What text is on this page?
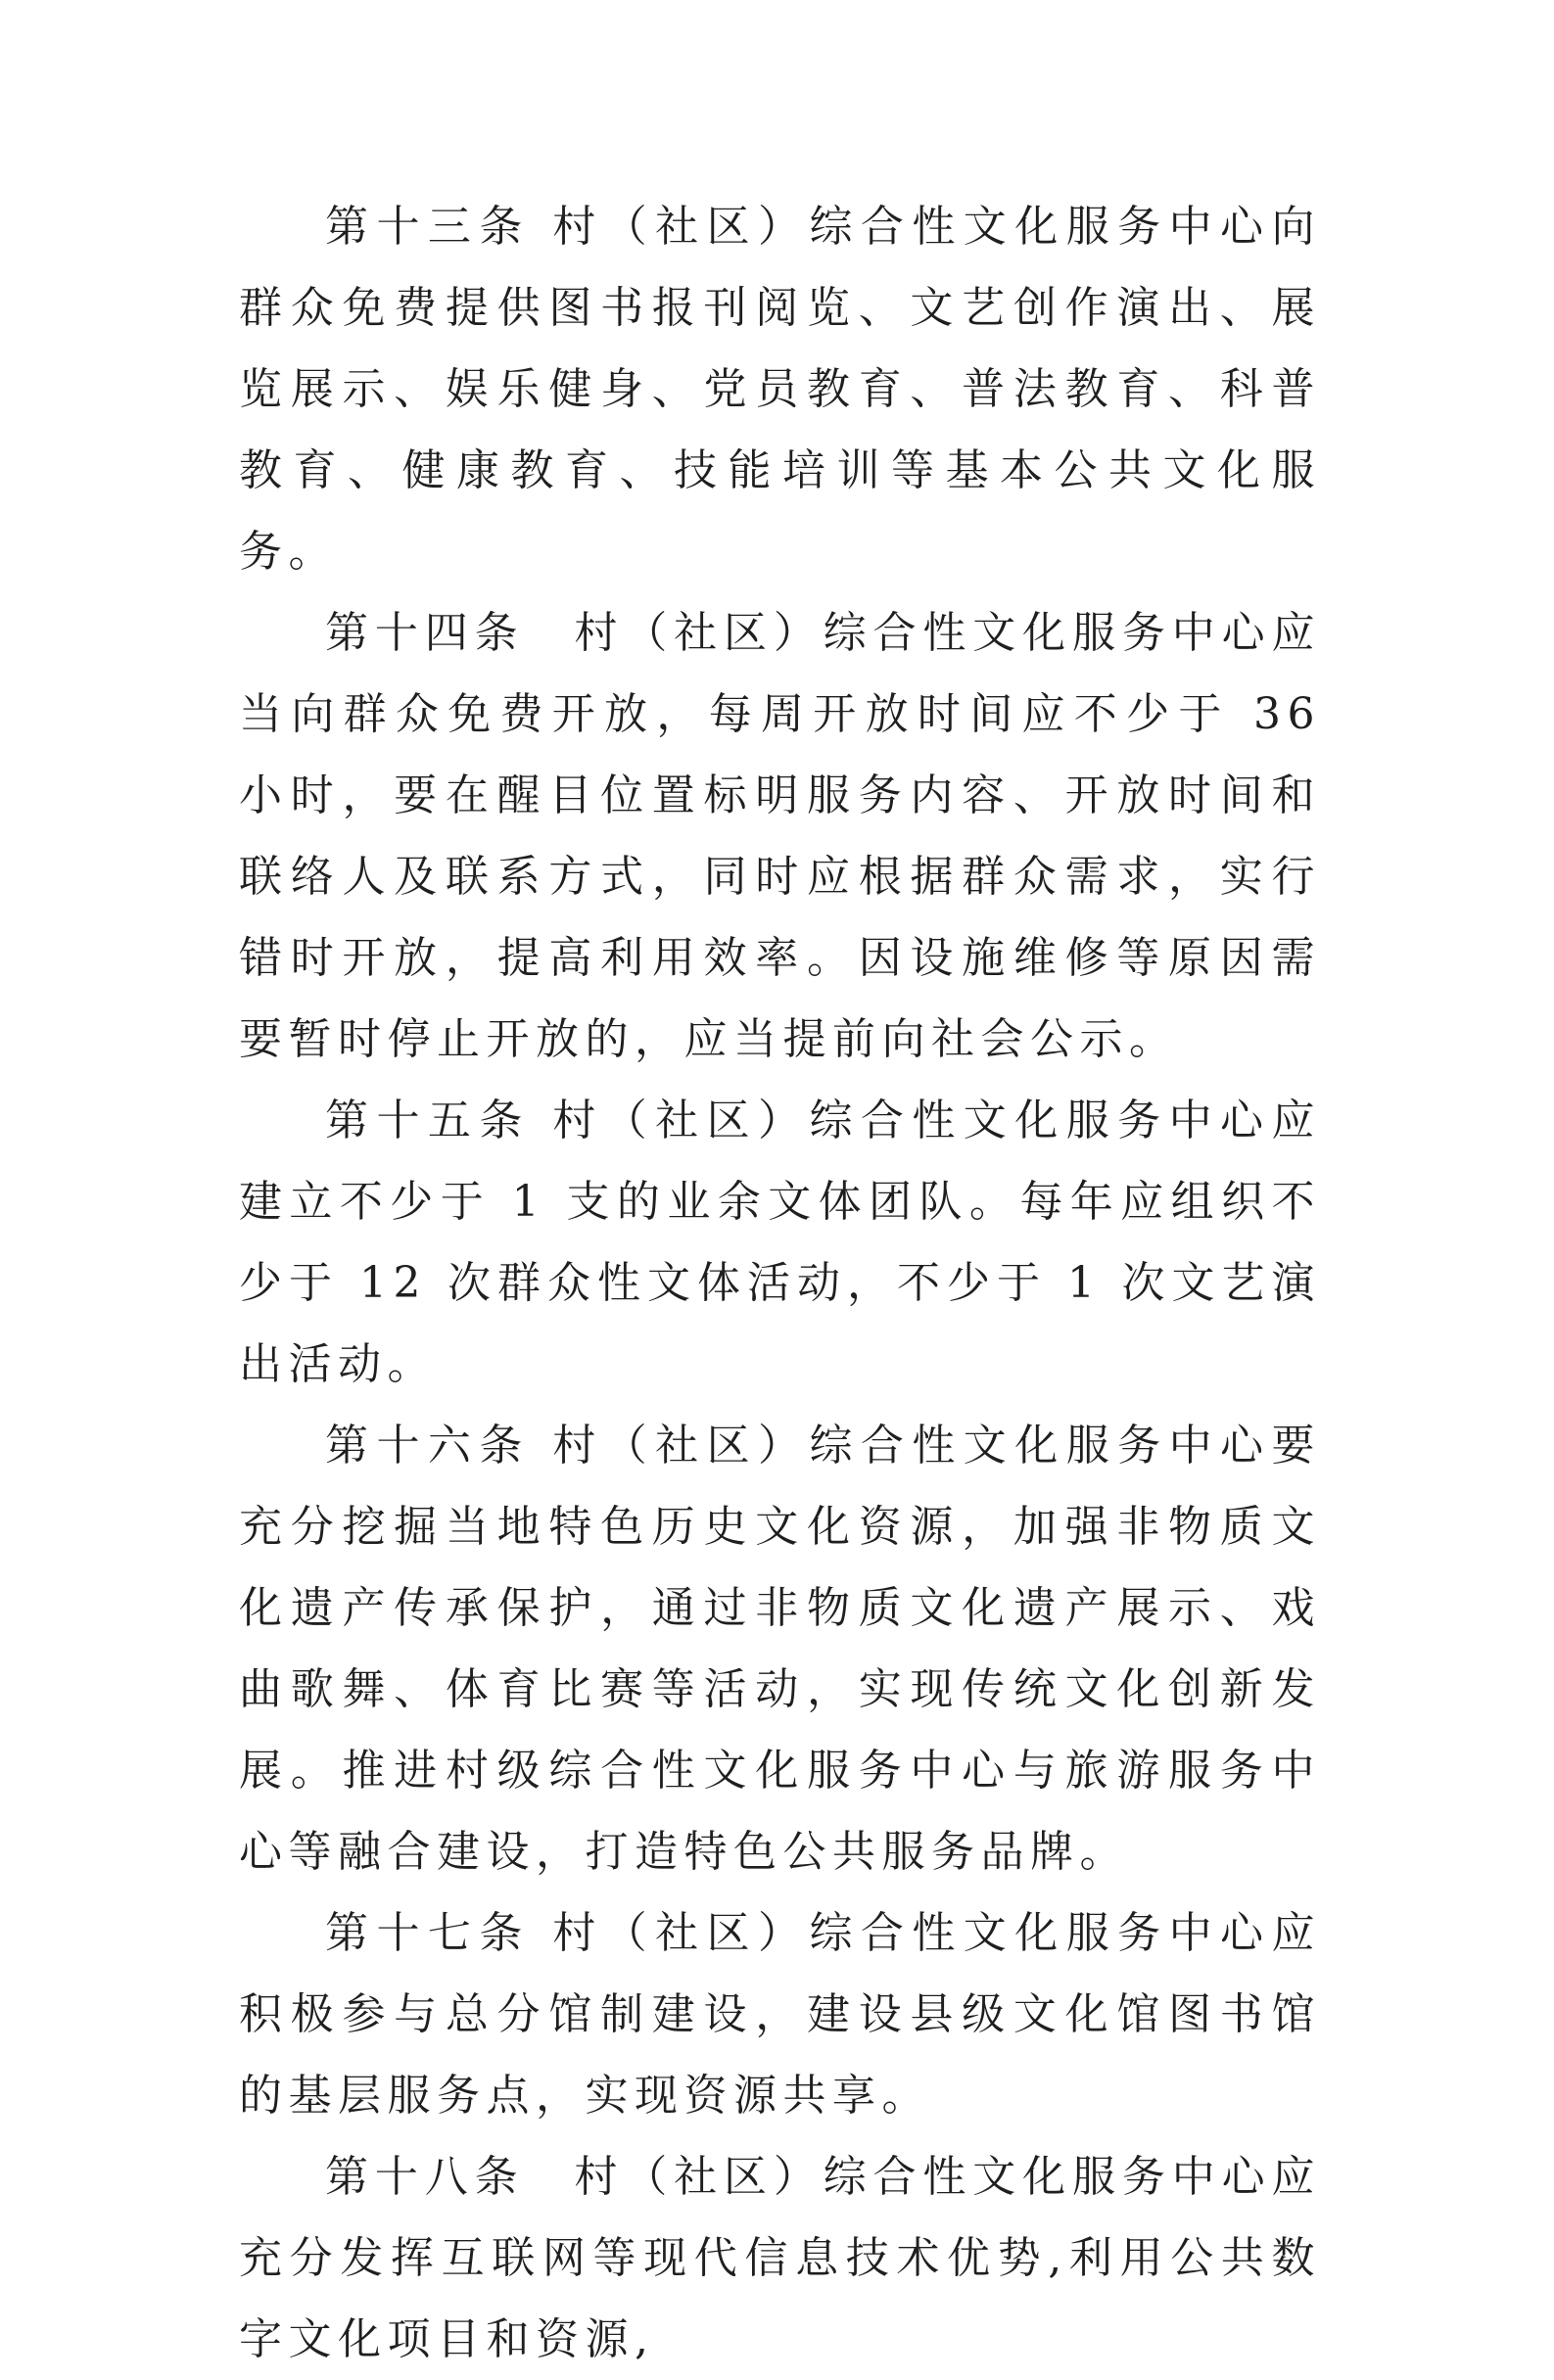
第十三条 村（社区）综合性文化服务中心向群众免费提供图书报刊阅览、文艺创作演出、展览展示、娱乐健身、党员教育、普法教育、科普教育、健康教育、技能培训等基本公共文化服务。

第十四条　村（社区）综合性文化服务中心应当向群众免费开放，每周开放时间应不少于 36 小时，要在醒目位置标明服务内容、开放时间和联络人及联系方式，同时应根据群众需求，实行错时开放，提高利用效率。因设施维修等原因需要暂时停止开放的，应当提前向社会公示。

第十五条 村（社区）综合性文化服务中心应建立不少于 1 支的业余文体团队。每年应组织不少于 12 次群众性文体活动，不少于 1 次文艺演出活动。

第十六条 村（社区）综合性文化服务中心要充分挖掘当地特色历史文化资源，加强非物质文化遗产传承保护，通过非物质文化遗产展示、戏曲歌舞、体育比赛等活动，实现传统文化创新发展。推进村级综合性文化服务中心与旅游服务中心等融合建设，打造特色公共服务品牌。

第十七条 村（社区）综合性文化服务中心应积极参与总分馆制建设，建设县级文化馆图书馆的基层服务点，实现资源共享。

第十八条　村（社区）综合性文化服务中心应充分发挥互联网等现代信息技术优势,利用公共数字文化项目和资源,
